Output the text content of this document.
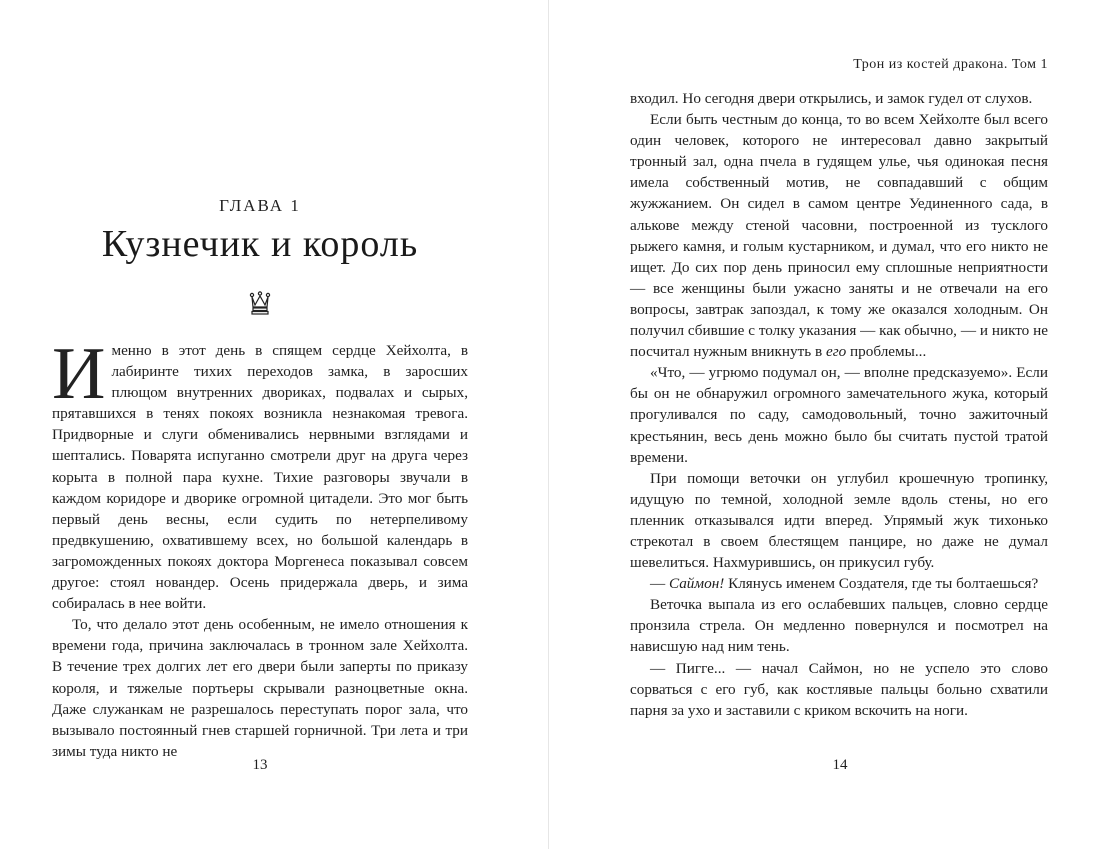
ГЛАВА 1
Кузнечик и король

Именно в этот день в спящем сердце Хейхолта, в лабиринте тихих переходов замка, в заросших плющом внутренних двориках, подвалах и сырых, прятавшихся в тенях покоях возникла незнакомая тревога. Придворные и слуги обменивались нервными взглядами и шептались. Поварята испуганно смотрели друг на друга через корыта в полной пара кухне. Тихие разговоры звучали в каждом коридоре и дворике огромной цитадели. Это мог быть первый день весны, если судить по нетерпеливому предвкушению, охватившему всех, но большой календарь в загроможденных покоях доктора Моргенеса показывал совсем другое: стоял новандер. Осень придержала дверь, и зима собиралась в нее войти.

То, что делало этот день особенным, не имело отношения к времени года, причина заключалась в тронном зале Хейхолта. В течение трех долгих лет его двери были заперты по приказу короля, и тяжелые портьеры скрывали разноцветные окна. Даже служанкам не разрешалось переступать порог зала, что вызывало постоянный гнев старшей горничной. Три лета и три зимы туда никто не

13
Трон из костей дракона. Том 1

входил. Но сегодня двери открылись, и замок гудел от слухов.

Если быть честным до конца, то во всем Хейхолте был всего один человек, которого не интересовал давно закрытый тронный зал, одна пчела в гудящем улье, чья одинокая песня имела собственный мотив, не совпадавший с общим жужжанием. Он сидел в самом центре Уединенного сада, в алькове между стеной часовни, построенной из тусклого рыжего камня, и голым кустарником, и думал, что его никто не ищет. До сих пор день приносил ему сплошные неприятности — все женщины были ужасно заняты и не отвечали на его вопросы, завтрак запоздал, к тому же оказался холодным. Он получил сбившие с толку указания — как обычно, — и никто не посчитал нужным вникнуть в его проблемы...

«Что, — угрюмо подумал он, — вполне предсказуемо». Если бы он не обнаружил огромного замечательного жука, который прогуливался по саду, самодовольный, точно зажиточный крестьянин, весь день можно было бы считать пустой тратой времени.

При помощи веточки он углубил крошечную тропинку, идущую по темной, холодной земле вдоль стены, но его пленник отказывался идти вперед. Упрямый жук тихонько стрекотал в своем блестящем панцире, но даже не думал шевелиться. Нахмурившись, он прикусил губу.

— Саймон! Клянусь именем Создателя, где ты болтаешься?

Веточка выпала из его ослабевших пальцев, словно сердце пронзила стрела. Он медленно повернулся и посмотрел на нависшую над ним тень.

— Пигге... — начал Саймон, но не успело это слово сорваться с его губ, как костлявые пальцы больно схватили парня за ухо и заставили с криком вскочить на ноги.

14
